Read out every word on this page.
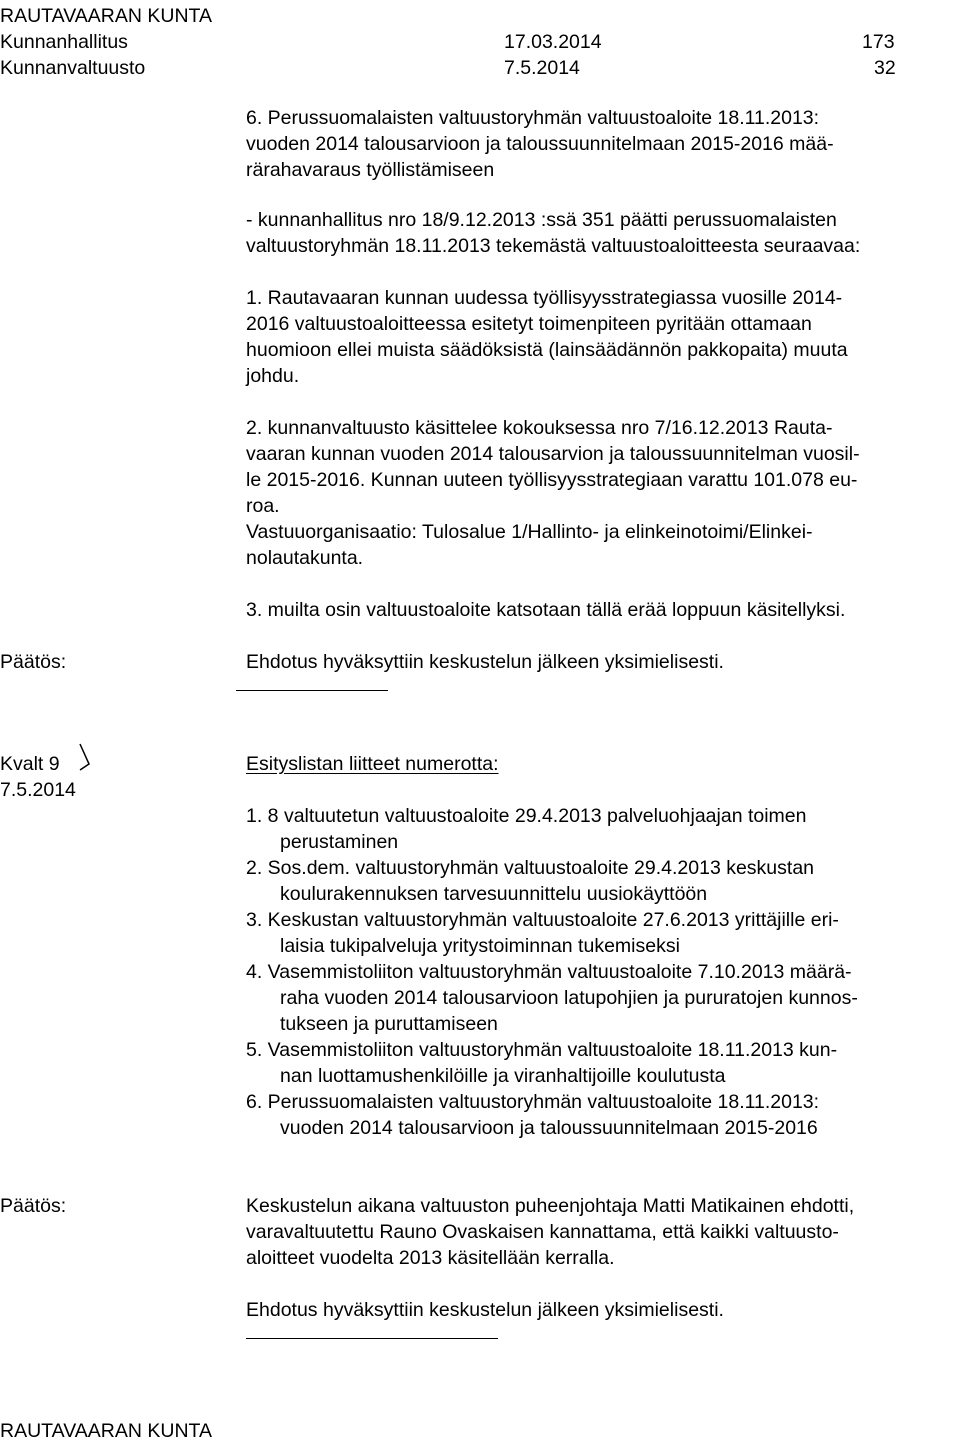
RAUTAVAARAN KUNTA
Kunnanhallitus	17.03.2014	173
Kunnanvaltuusto	7.5.2014	32
6. Perussuomalaisten valtuustoryhmän valtuustoaloite 18.11.2013:
vuoden 2014 talousarvioon ja taloussuunnitelmaan 2015-2016 mää-
rärahavaraus työllistämiseen
- kunnanhallitus nro 18/9.12.2013 :ssä 351 päätti perussuomalaisten
valtuustoryhmän 18.11.2013 tekemästä valtuustoaloitteesta seuraavaa:
1. Rautavaaran kunnan uudessa työllisyysstrategiassa vuosille 2014-
2016 valtuustoaloitteessa esitetyt toimenpiteen pyritään ottamaan
huomioon ellei muista säädöksistä (lainsäädännön pakkopaita) muuta
johdu.
2. kunnanvaltuusto käsittelee kokouksessa nro 7/16.12.2013 Rauta-
vaaran kunnan vuoden 2014 talousarvion ja taloussuunnitelman vuosil-
le 2015-2016. Kunnan uuteen työllisyysstrategiaan varattu 101.078 eu-
roa.
Vastuuorganisaatio: Tulosalue 1/Hallinto- ja elinkeinotoimi/Elinkei-
nolautakunta.
3. muilta osin valtuustoaloite katsotaan tällä erää loppuun käsitellyksi.
Päätös:	Ehdotus hyväksyttiin keskustelun jälkeen yksimielisesti.
Kvalt 9
7.5.2014
Esityslistan liitteet numerotta:
1. 8 valtuutetun valtuustoaloite 29.4.2013 palveluohjaajan toimen
perustaminen
2. Sos.dem. valtuustoryhmän valtuustoaloite 29.4.2013 keskustan
koulurakennuksen tarvesuunnittelu uusiokäyttöön
3. Keskustan valtuustoryhmän valtuustoaloite 27.6.2013 yrittäjille eri-
laisia tukipalveluja yritystoiminnan tukemiseksi
4. Vasemmistoliiton valtuustoryhmän valtuustoaloite 7.10.2013 määrä-
raha vuoden 2014 talousarvioon latupohjien ja pururatojen kunnos-
tukseen ja puruttamiseen
5. Vasemmistoliiton valtuustoryhmän valtuustoaloite 18.11.2013 kun-
nan luottamushenkilöille ja viranhaltijoille koulutusta
6. Perussuomalaisten valtuustoryhmän valtuustoaloite 18.11.2013:
vuoden 2014 talousarvioon ja taloussuunnitelmaan 2015-2016
Päätös:	Keskustelun aikana valtuuston puheenjohtaja Matti Matikainen ehdotti,
varavaltuutettu Rauno Ovaskaisen kannattama, että kaikki valtuusto-
aloitteet vuodelta 2013 käsitellään kerralla.
Ehdotus hyväksyttiin keskustelun jälkeen yksimielisesti.
RAUTAVAARAN KUNTA
